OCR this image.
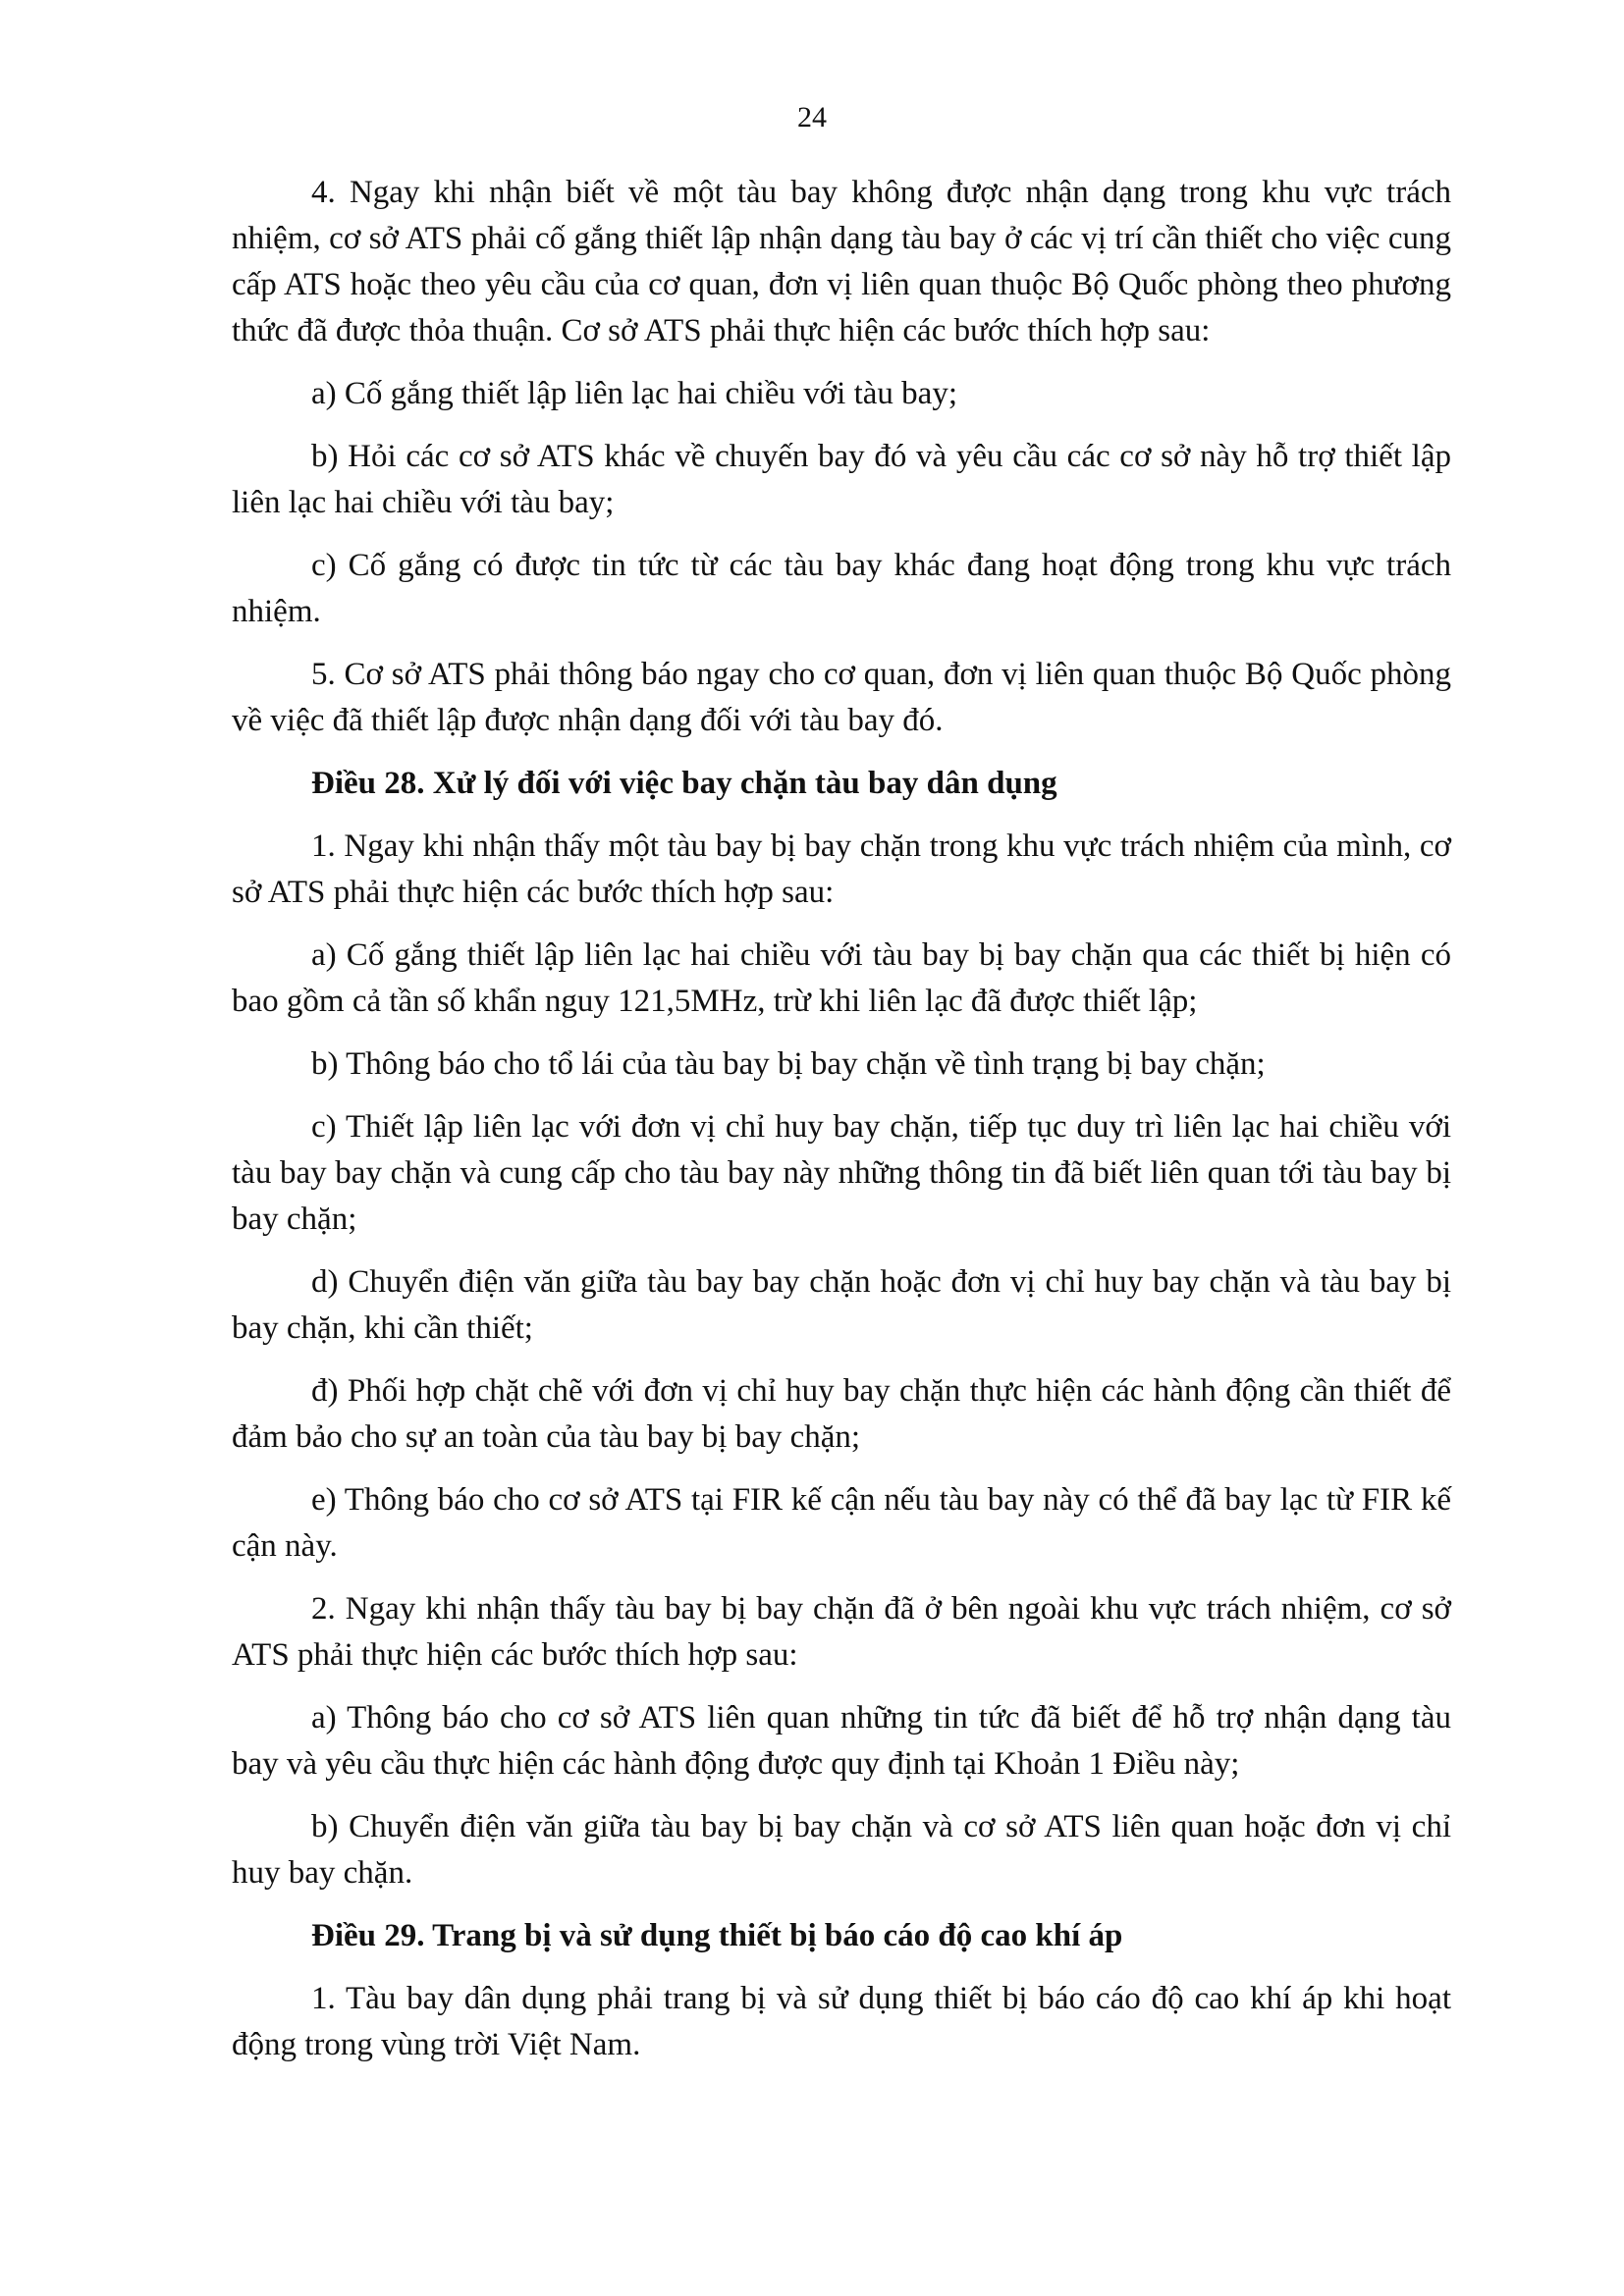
24

4. Ngay khi nhận biết về một tàu bay không được nhận dạng trong khu vực trách nhiệm, cơ sở ATS phải cố gắng thiết lập nhận dạng tàu bay ở các vị trí cần thiết cho việc cung cấp ATS hoặc theo yêu cầu của cơ quan, đơn vị liên quan thuộc Bộ Quốc phòng theo phương thức đã được thỏa thuận. Cơ sở ATS phải thực hiện các bước thích hợp sau:

a) Cố gắng thiết lập liên lạc hai chiều với tàu bay;

b) Hỏi các cơ sở ATS khác về chuyến bay đó và yêu cầu các cơ sở này hỗ trợ thiết lập liên lạc hai chiều với tàu bay;

c) Cố gắng có được tin tức từ các tàu bay khác đang hoạt động trong khu vực trách nhiệm.

5. Cơ sở ATS phải thông báo ngay cho cơ quan, đơn vị liên quan thuộc Bộ Quốc phòng về việc đã thiết lập được nhận dạng đối với tàu bay đó.

Điều 28. Xử lý đối với việc bay chặn tàu bay dân dụng

1. Ngay khi nhận thấy một tàu bay bị bay chặn trong khu vực trách nhiệm của mình, cơ sở ATS phải thực hiện các bước thích hợp sau:

a) Cố gắng thiết lập liên lạc hai chiều với tàu bay bị bay chặn qua các thiết bị hiện có bao gồm cả tần số khẩn nguy 121,5MHz, trừ khi liên lạc đã được thiết lập;

b) Thông báo cho tổ lái của tàu bay bị bay chặn về tình trạng bị bay chặn;

c) Thiết lập liên lạc với đơn vị chỉ huy bay chặn, tiếp tục duy trì liên lạc hai chiều với tàu bay bay chặn và cung cấp cho tàu bay này những thông tin đã biết liên quan tới tàu bay bị bay chặn;

d) Chuyển điện văn giữa tàu bay bay chặn hoặc đơn vị chỉ huy bay chặn và tàu bay bị bay chặn, khi cần thiết;

đ) Phối hợp chặt chẽ với đơn vị chỉ huy bay chặn thực hiện các hành động cần thiết để đảm bảo cho sự an toàn của tàu bay bị bay chặn;

e) Thông báo cho cơ sở ATS tại FIR kế cận nếu tàu bay này có thể đã bay lạc từ FIR kế cận này.

2. Ngay khi nhận thấy tàu bay bị bay chặn đã ở bên ngoài khu vực trách nhiệm, cơ sở ATS phải thực hiện các bước thích hợp sau:

a) Thông báo cho cơ sở ATS liên quan những tin tức đã biết để hỗ trợ nhận dạng tàu bay và yêu cầu thực hiện các hành động được quy định tại Khoản 1 Điều này;

b) Chuyển điện văn giữa tàu bay bị bay chặn và cơ sở ATS liên quan hoặc đơn vị chỉ huy bay chặn.

Điều 29. Trang bị và sử dụng thiết bị báo cáo độ cao khí áp

1. Tàu bay dân dụng phải trang bị và sử dụng thiết bị báo cáo độ cao khí áp khi hoạt động trong vùng trời Việt Nam.
